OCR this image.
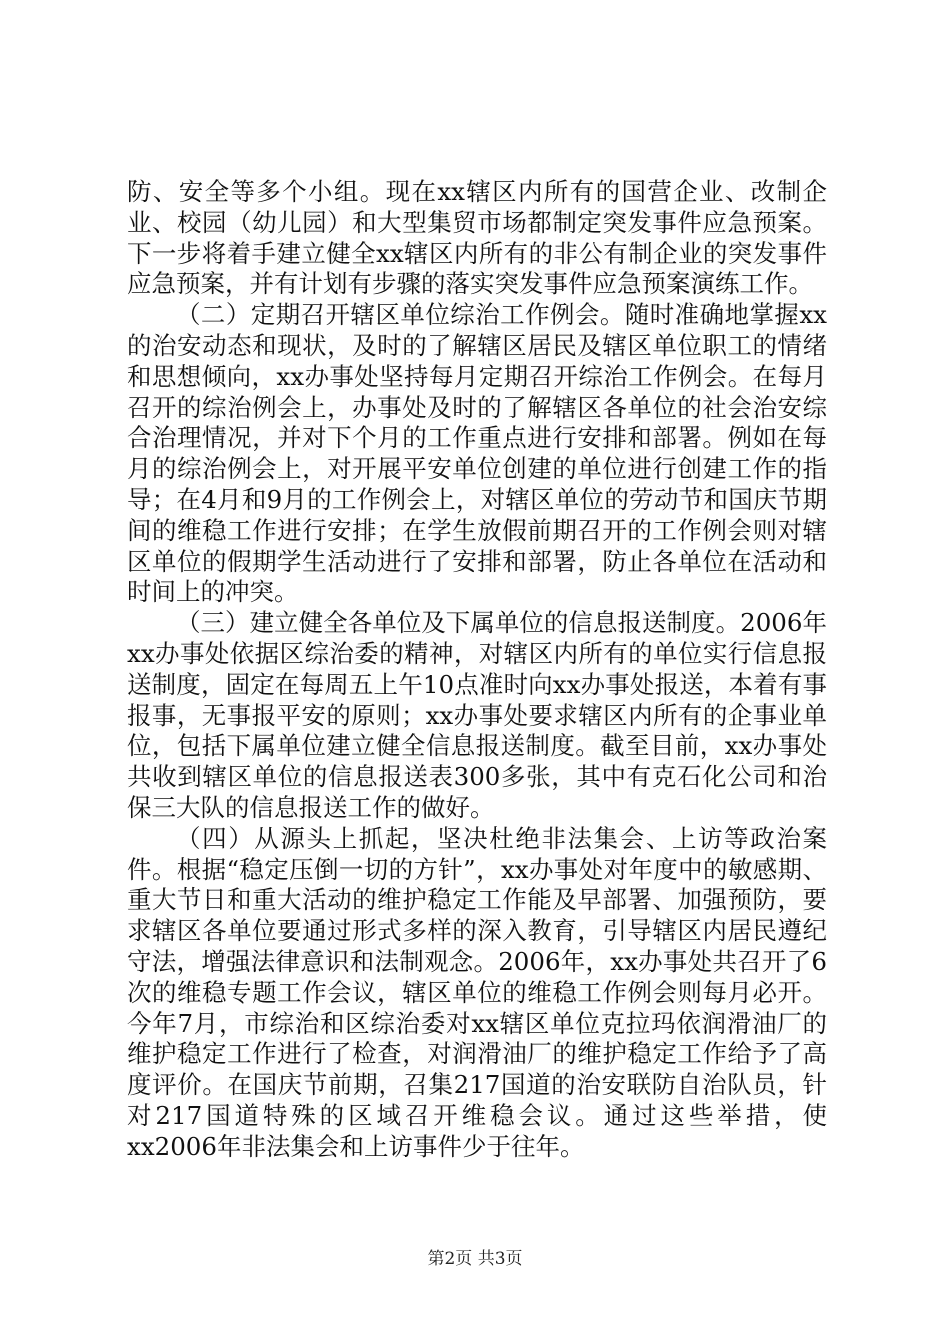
防、安全等多个小组。现在xx辖区内所有的国营企业、改制企业、校园（幼儿园）和大型集贸市场都制定突发事件应急预案。下一步将着手建立健全xx辖区内所有的非公有制企业的突发事件应急预案，并有计划有步骤的落实突发事件应急预案演练工作。

（二）定期召开辖区单位综治工作例会。随时准确地掌握xx的治安动态和现状，及时的了解辖区居民及辖区单位职工的情绪和思想倾向，xx办事处坚持每月定期召开综治工作例会。在每月召开的综治例会上，办事处及时的了解辖区各单位的社会治安综合治理情况，并对下个月的工作重点进行安排和部署。例如在每月的综治例会上，对开展平安单位创建的单位进行创建工作的指导；在4月和9月的工作例会上，对辖区单位的劳动节和国庆节期间的维稳工作进行安排；在学生放假前期召开的工作例会则对辖区单位的假期学生活动进行了安排和部署，防止各单位在活动和时间上的冲突。

（三）建立健全各单位及下属单位的信息报送制度。2006年xx办事处依据区综治委的精神，对辖区内所有的单位实行信息报送制度，固定在每周五上午10点准时向xx办事处报送，本着有事报事，无事报平安的原则；xx办事处要求辖区内所有的企事业单位，包括下属单位建立健全信息报送制度。截至目前，xx办事处共收到辖区单位的信息报送表300多张，其中有克石化公司和治保三大队的信息报送工作的做好。

（四）从源头上抓起，坚决杜绝非法集会、上访等政治案件。根据“稳定压倒一切的方针”，xx办事处对年度中的敏感期、重大节日和重大活动的维护稳定工作能及早部署、加强预防，要求辖区各单位要通过形式多样的深入教育，引导辖区内居民遵纪守法，增强法律意识和法制观念。2006年，xx办事处共召开了6次的维稳专题工作会议，辖区单位的维稳工作例会则每月必开。今年7月，市综治和区综治委对xx辖区单位克拉玛依润滑油厂的维护稳定工作进行了检查，对润滑油厂的维护稳定工作给予了高度评价。在国庆节前期，召集217国道的治安联防自治队员，针对217国道特殊的区域召开维稳会议。通过这些举措，使xx2006年非法集会和上访事件少于往年。

第2页 共3页
